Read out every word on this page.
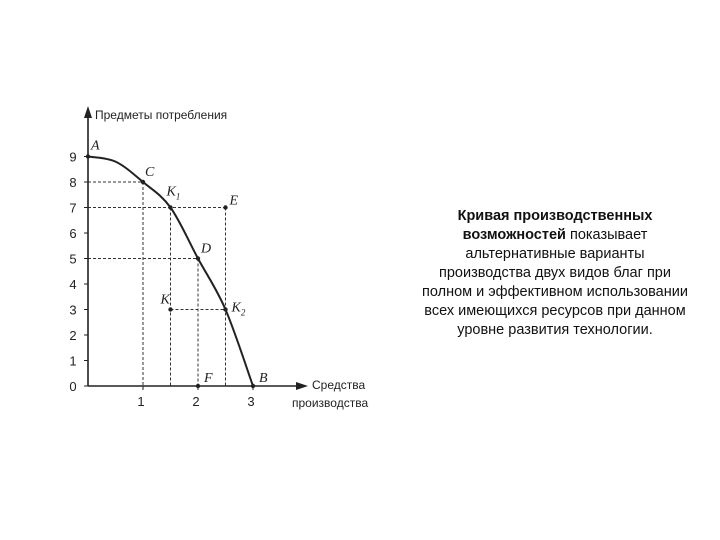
0
1
2
3
4
5
6
7
8
9
1	2	3
A
C
$K_1$	E
D
K
$K_2$
F	B
Предметы потребления
Средства
производства
Кривая производственных возможностей показывает альтернативные варианты производства двух видов благ при полном и эффективном использовании всех имеющихся ресурсов при данном уровне развития технологии.
